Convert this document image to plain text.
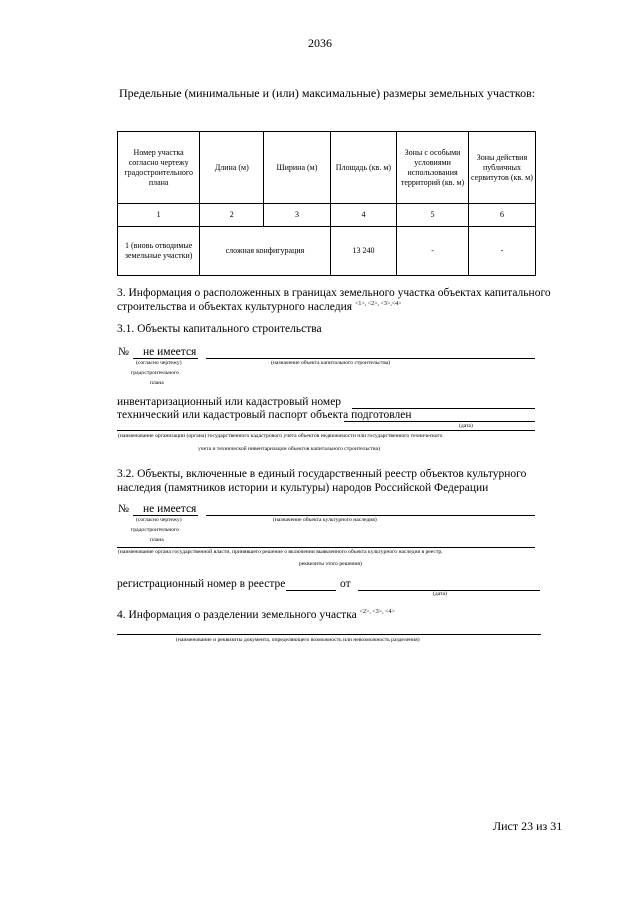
2036
Предельные (минимальные и (или) максимальные) размеры земельных участков:
Номер участка согласно чертежу градостроительного плана	Длина (м)	Ширина (м)	Площадь (кв. м)	Зоны с особыми условиями использования территорий (кв. м)	Зоны действия публичных сервитутов (кв. м)
1	2	3	4	5	6
1 (вновь отводимые земельные участки)	сложная конфигурация		13 240	-	-
3. Информация о расположенных в границах земельного участка объектах капитального
строительства и объектах культурного наследия $^{<1>, <2>, <3>,<4>}$
3.1. Объекты капитального строительства
№ не имеется
(согласно чертежу)	(назначение объекта капитального строительства)
градостроительного
плана
инвентаризационный или кадастровый номер
технический или кадастровый паспорт объекта подготовлен
(дата)
(наименование организации (органа) государственного кадастрового учета объектов недвижимости или государственного технического
учета и технической инвентаризации объектов капитального строительства)
3.2. Объекты, включенные в единый государственный реестр объектов культурного
наследия (памятников истории и культуры) народов Российской Федерации
№ не имеется
(согласно чертежу)	(назначение объекта культурного наследия)
градостроительного
плана
(наименование органа государственной власти, принявшего решение о включении выявленного объекта культурного наследия в реестр,
реквизиты этого решения)
регистрационный номер в реестре	от
(дата)
4. Информация о разделении земельного участка $^{<2>, <3>, <4>}$
(наименование и реквизиты документа, определяющего возможность или невозможность разделения)
Лист 23 из 31
